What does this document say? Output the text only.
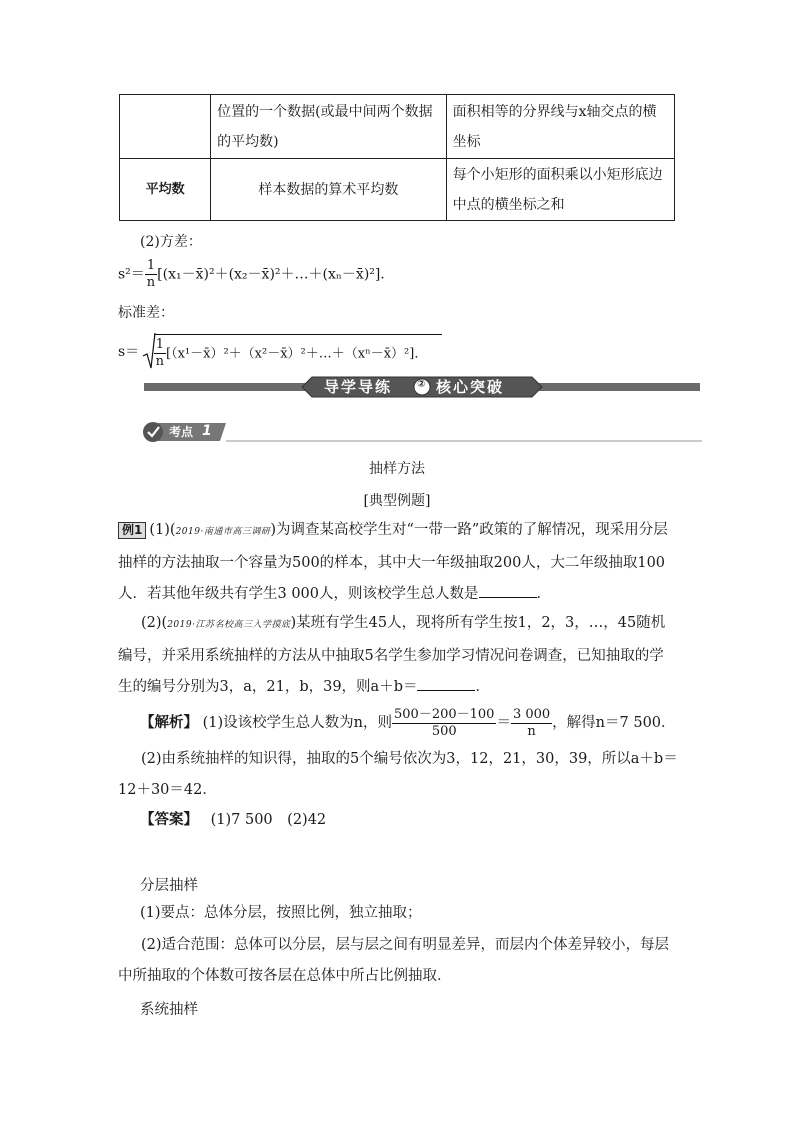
	位置的一个数据(或最中间两个数据的平均数)	面积相等的分界线与x轴交点的横坐标
平均数	样本数据的算术平均数	每个小矩形的面积乘以小矩形底边中点的横坐标之和
(2)方差：
$s^2= \frac{1}{n}$ [(x₁－x̄)²＋(x₂－x̄)²＋…＋(xₙ－x̄)²]．
标准差：
$s= \frac{1}{n}$ [（x¹－x̄）²＋（x²－x̄）²＋…＋（xⁿ－x̄）²]．
导学导练 ② 核心突破
考点 1
抽样方法
[典型例题]
例1 (1)(2019·南通市高三调研)为调查某高校学生对“一带一路”政策的了解情况，现采用分层抽样的方法抽取一个容量为500的样本，其中大一年级抽取200人，大二年级抽取100人．若其他年级共有学生3 000人，则该校学生总人数是	．
(2)(2019·江苏名校高三入学摸底)某班有学生45人，现将所有学生按1，2，3，…，45随机编号，并采用系统抽样的方法从中抽取5名学生参加学习情况问卷调查，已知抽取的学生的编号分别为3，a，21，b，39，则a＋b＝	．
【解析】 (1)设该校学生总人数为n，则 $\frac{500-200-100}{500} = \frac{3 000}{n}$ ，解得n＝7 500．
(2)由系统抽样的知识得，抽取的5个编号依次为3，12，21，30，39，所以a＋b＝12＋30＝42．
【答案】 (1)7 500　(2)42
分层抽样
(1)要点：总体分层，按照比例，独立抽取；
(2)适合范围：总体可以分层，层与层之间有明显差异，而层内个体差异较小，每层中所抽取的个体数可按各层在总体中所占比例抽取．
系统抽样
